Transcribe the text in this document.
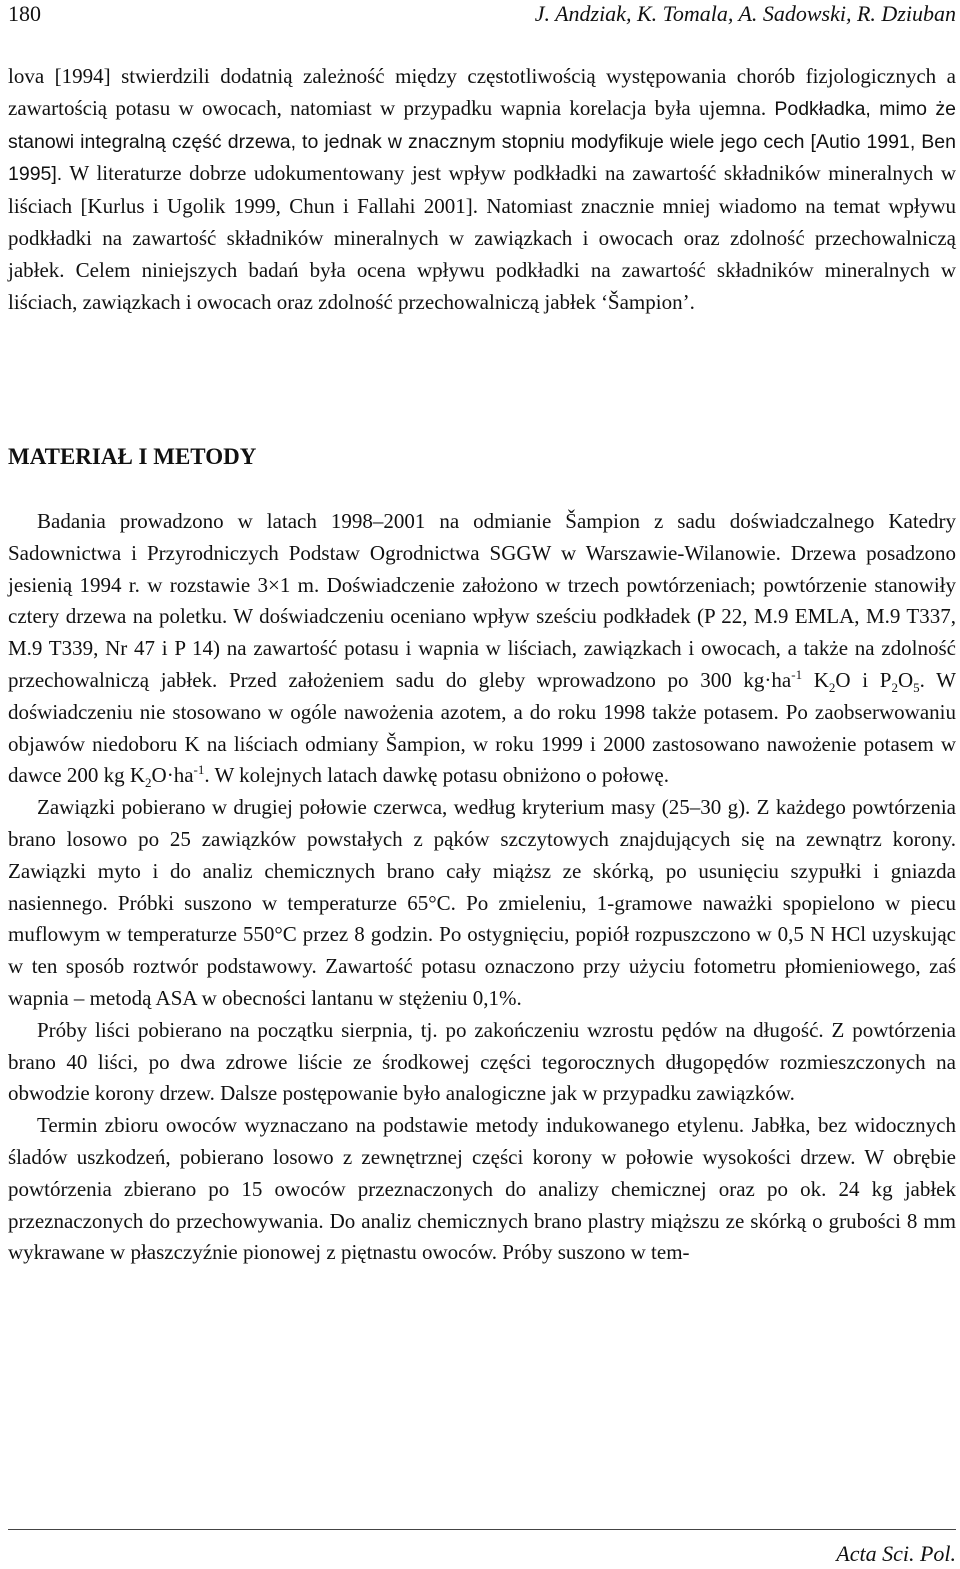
180	J. Andziak, K. Tomala, A. Sadowski, R. Dziuban

lova [1994] stwierdzili dodatnią zależność między częstotliwością występowania chorób fizjologicznych a zawartością potasu w owocach, natomiast w przypadku wapnia korelacja była ujemna. Podkładka, mimo że stanowi integralną część drzewa, to jednak w znacznym stopniu modyfikuje wiele jego cech [Autio 1991, Ben 1995]. W literaturze dobrze udokumentowany jest wpływ podkładki na zawartość składników mineralnych w liściach [Kurlus i Ugolik 1999, Chun i Fallahi 2001]. Natomiast znacznie mniej wiadomo na temat wpływu podkładki na zawartość składników mineralnych w zawiązkach i owocach oraz zdolność przechowalniczą jabłek. Celem niniejszych badań była ocena wpływu podkładki na zawartość składników mineralnych w liściach, zawiązkach i owocach oraz zdolność przechowalniczą jabłek ‘Šampion’.

MATERIAŁ I METODY

Badania prowadzono w latach 1998–2001 na odmianie Šampion z sadu doświadczalnego Katedry Sadownictwa i Przyrodniczych Podstaw Ogrodnictwa SGGW w Warszawie-Wilanowie. Drzewa posadzono jesienią 1994 r. w rozstawie 3×1 m. Doświadczenie założono w trzech powtórzeniach; powtórzenie stanowiły cztery drzewa na poletku. W doświadczeniu oceniano wpływ sześciu podkładek (P 22, M.9 EMLA, M.9 T337, M.9 T339, Nr 47 i P 14) na zawartość potasu i wapnia w liściach, zawiązkach i owocach, a także na zdolność przechowalniczą jabłek. Przed założeniem sadu do gleby wprowadzono po 300 $kg\cdot ha^{-1}$ $K_2O$ i $P_2O_5$. W doświadczeniu nie stosowano w ogóle nawożenia azotem, a do roku 1998 także potasem. Po zaobserwowaniu objawów niedoboru K na liściach odmiany Šampion, w roku 1999 i 2000 zastosowano nawożenie potasem w dawce 200 kg $K_2O\cdot ha^{-1}$. W kolejnych latach dawkę potasu obniżono o połowę.

Zawiązki pobierano w drugiej połowie czerwca, według kryterium masy (25–30 g). Z każdego powtórzenia brano losowo po 25 zawiązków powstałych z pąków szczytowych znajdujących się na zewnątrz korony. Zawiązki myto i do analiz chemicznych brano cały miąższ ze skórką, po usunięciu szypułki i gniazda nasiennego. Próbki suszono w temperaturze 65°C. Po zmieleniu, 1-gramowe naważki spopielono w piecu muflowym w temperaturze 550°C przez 8 godzin. Po ostygnięciu, popiół rozpuszczono w 0,5 N HCl uzyskując w ten sposób roztwór podstawowy. Zawartość potasu oznaczono przy użyciu fotometru płomieniowego, zaś wapnia – metodą ASA w obecności lantanu w stężeniu 0,1%.

Próby liści pobierano na początku sierpnia, tj. po zakończeniu wzrostu pędów na długość. Z powtórzenia brano 40 liści, po dwa zdrowe liście ze środkowej części tegorocznych długopędów rozmieszczonych na obwodzie korony drzew. Dalsze postępowanie było analogiczne jak w przypadku zawiązków.

Termin zbioru owoców wyznaczano na podstawie metody indukowanego etylenu. Jabłka, bez widocznych śladów uszkodzeń, pobierano losowo z zewnętrznej części korony w połowie wysokości drzew. W obrębie powtórzenia zbierano po 15 owoców przeznaczonych do analizy chemicznej oraz po ok. 24 kg jabłek przeznaczonych do przechowywania. Do analiz chemicznych brano plastry miąższu ze skórką o grubości 8 mm wykrawane w płaszczyźnie pionowej z piętnastu owoców. Próby suszono w tem-

Acta Sci. Pol.
